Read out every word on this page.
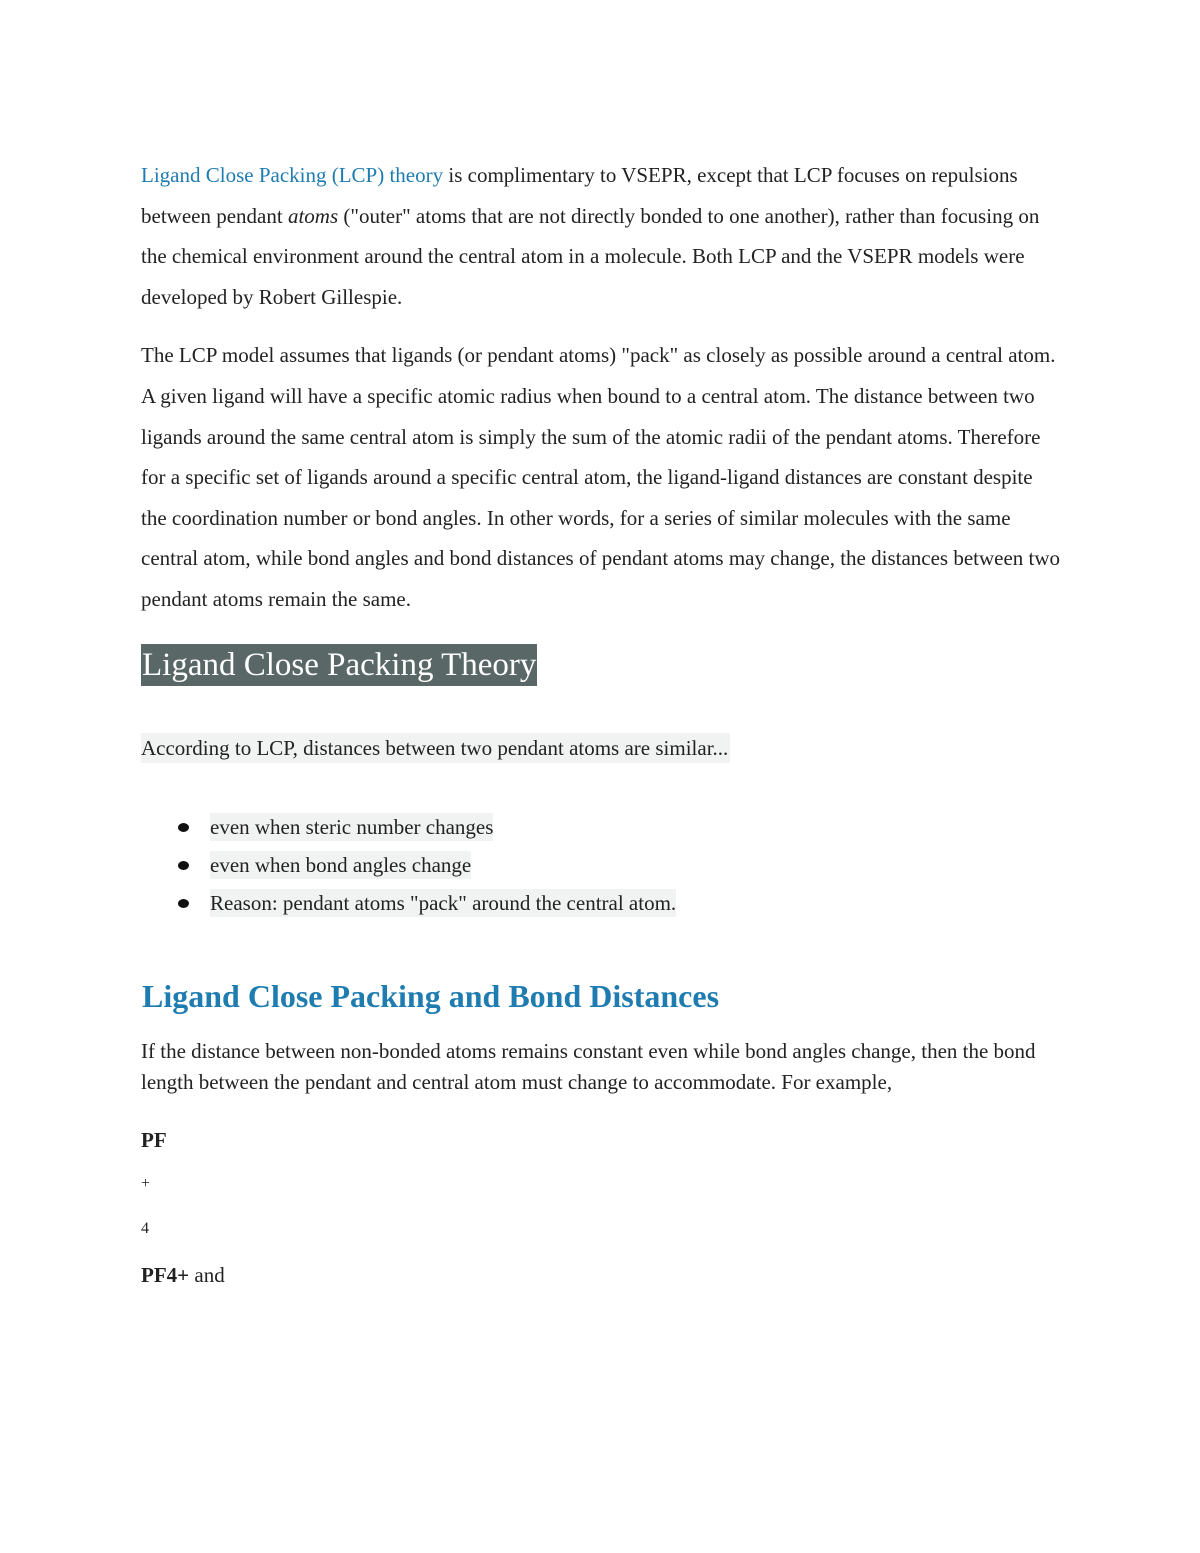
Ligand Close Packing (LCP) theory is complimentary to VSEPR, except that LCP focuses on repulsions between pendant atoms ("outer" atoms that are not directly bonded to one another), rather than focusing on the chemical environment around the central atom in a molecule. Both LCP and the VSEPR models were developed by Robert Gillespie.

The LCP model assumes that ligands (or pendant atoms) "pack" as closely as possible around a central atom. A given ligand will have a specific atomic radius when bound to a central atom. The distance between two ligands around the same central atom is simply the sum of the atomic radii of the pendant atoms. Therefore for a specific set of ligands around a specific central atom, the ligand-ligand distances are constant despite the coordination number or bond angles. In other words, for a series of similar molecules with the same central atom, while bond angles and bond distances of pendant atoms may change, the distances between two pendant atoms remain the same.

Ligand Close Packing Theory
According to LCP, distances between two pendant atoms are similar...
even when steric number changes
even when bond angles change
Reason: pendant atoms "pack" around the central atom.
Ligand Close Packing and Bond Distances

If the distance between non-bonded atoms remains constant even while bond angles change, then the bond length between the pendant and central atom must change to accommodate. For example,

PF

+

4

PF4+ and
